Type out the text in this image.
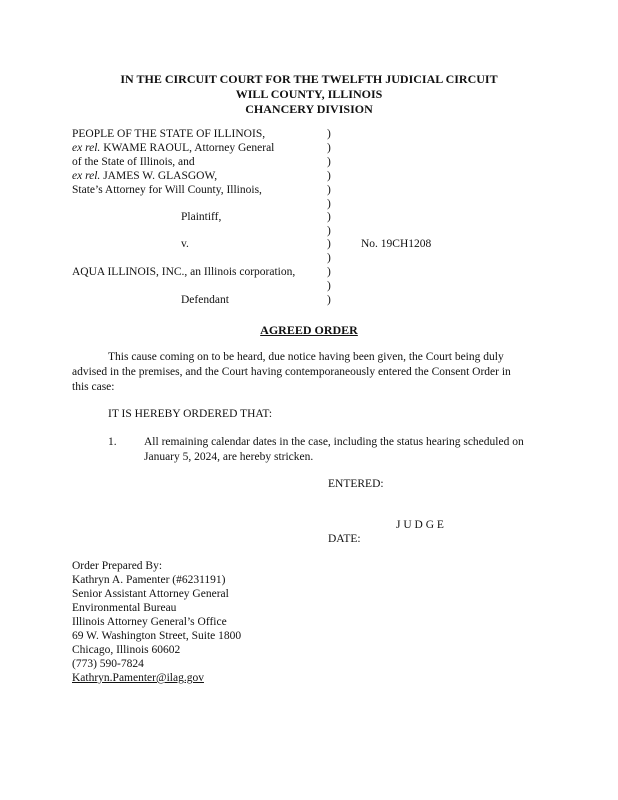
IN THE CIRCUIT COURT FOR THE TWELFTH JUDICIAL CIRCUIT
WILL COUNTY, ILLINOIS
CHANCERY DIVISION
PEOPLE OF THE STATE OF ILLINOIS,
ex rel. KWAME RAOUL, Attorney General
of the State of Illinois, and
ex rel. JAMES W. GLASGOW,
State’s Attorney for Will County, Illinois,
Plaintiff,
v.	No. 19CH1208
AQUA ILLINOIS, INC., an Illinois corporation,
Defendant
)
)
)
)
)
)
)
)
)
)
)
)
)
AGREED ORDER
This cause coming on to be heard, due notice having been given, the Court being duly
advised in the premises, and the Court having contemporaneously entered the Consent Order in
this case:
IT IS HEREBY ORDERED THAT:
1. All remaining calendar dates in the case, including the status hearing scheduled on
January 5, 2024, are hereby stricken.
ENTERED:
J U D G E
DATE:
Order Prepared By:
Kathryn A. Pamenter (#6231191)
Senior Assistant Attorney General
Environmental Bureau
Illinois Attorney General’s Office
69 W. Washington Street, Suite 1800
Chicago, Illinois 60602
(773) 590-7824
Kathryn.Pamenter@ilag.gov
